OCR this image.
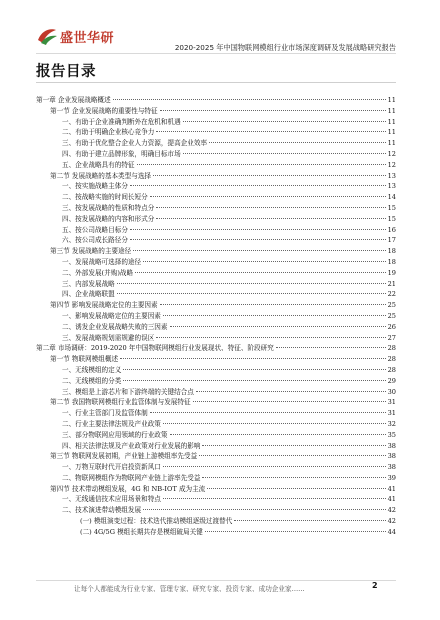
盛世华研
2020-2025 年中国物联网模组行业市场深度调研及发展战略研究报告
报告目录
第一章 企业发展战略概述	11
第一节 企业发展战略的重要性与特征	11
一、有助于企业准确判断外在危机和机遇	11
二、有助于明确企业核心竞争力	11
三、有助于优化整合企业人力资源，提高企业效率	11
四、有助于建立品牌形象，明确目标市场	12
五、企业战略具有的特征	12
第二节 发展战略的基本类型与选择	13
一、按实施战略主体分	13
二、按战略实施的时间长短分	14
三、按发展战略的性质和特点分	15
四、按发展战略的内容和形式分	15
五、按公司战略目标分	16
六、按公司成长路径分	17
第三节 发展战略的主要途径	18
一、发展战略可选择的途径	18
二、外部发展(并购)战略	19
三、内部发展战略	21
四、企业战略联盟	22
第四节 影响发展战略定位的主要因素	25
一、影响发展战略定位的主要因素	25
二、诱发企业发展战略失败的三因素	26
三、发展战略规划需规避的误区	27
第二章 市场调研：2019-2020 年中国物联网模组行业发展现状、特征、阶段研究	28
第一节 物联网模组概述	28
一、无线模组的定义	28
二、无线模组的分类	29
三、模组是上游芯片和下游终端的关键结合点	30
第二节 我国物联网模组行业监管体制与发展特征	31
一、行业主管部门及监管体制	31
二、行业主要法律法规及产业政策	32
三、部分物联网应用领域的行业政策	35
四、相关法律法规及产业政策对行业发展的影响	38
第三节 物联网发展初期，产业链上游模组率先受益	38
一、万物互联时代开启投资新风口	38
二、物联网模组作为物联网产业链上游率先受益	39
第四节 技术带动模组发展，4G 和 NB-IOT 成为主流	41
一、无线通信技术应用场景和特点	41
二、技术演进带动模组发展	42
(一) 模组演变过程：技术迭代推动模组逐级过渡替代	42
(二) 4G/5G 模组长期共存是模组破局关键	44
让每个人都能成为行业专家、管理专家、研究专家、投资专家、成功企业家……	2
